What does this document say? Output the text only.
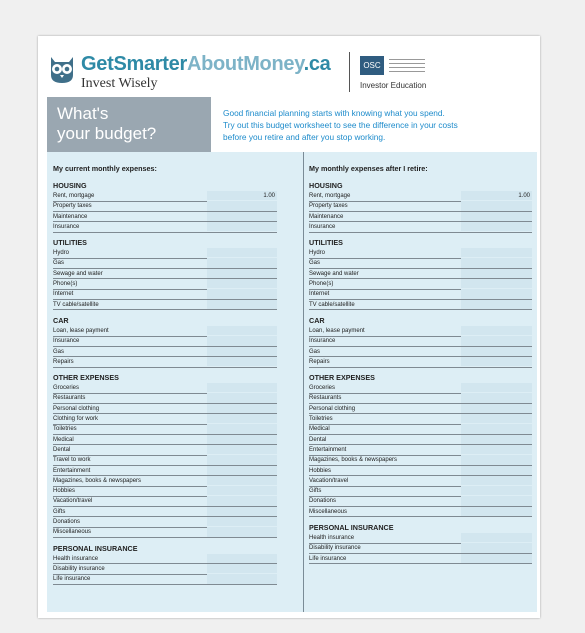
GetSmarterAboutMoney.ca
Invest Wisely
OSC
Investor Education
What's
your budget?
Good financial planning starts with knowing what you spend.
Try out this budget worksheet to see the difference in your costs
before you retire and after you stop working.
My current monthly expenses:
HOUSING
Rent, mortgage	1.00
Property taxes
Maintenance
Insurance
UTILITIES
Hydro
Gas
Sewage and water
Phone(s)
Internet
TV cable/satellite
CAR
Loan, lease payment
Insurance
Gas
Repairs
OTHER EXPENSES
Groceries
Restaurants
Personal clothing
Clothing for work
Toiletries
Medical
Dental
Travel to work
Entertainment
Magazines, books & newspapers
Hobbies
Vacation/travel
Gifts
Donations
Miscellaneous
PERSONAL INSURANCE
Health insurance
Disability insurance
Life insurance
My monthly expenses after I retire:
HOUSING
Rent, mortgage	1.00
Property taxes
Maintenance
Insurance
UTILITIES
Hydro
Gas
Sewage and water
Phone(s)
Internet
TV cable/satellite
CAR
Loan, lease payment
Insurance
Gas
Repairs
OTHER EXPENSES
Groceries
Restaurants
Personal clothing
Toiletries
Medical
Dental
Entertainment
Magazines, books & newspapers
Hobbies
Vacation/travel
Gifts
Donations
Miscellaneous
PERSONAL INSURANCE
Health insurance
Disability insurance
Life insurance
